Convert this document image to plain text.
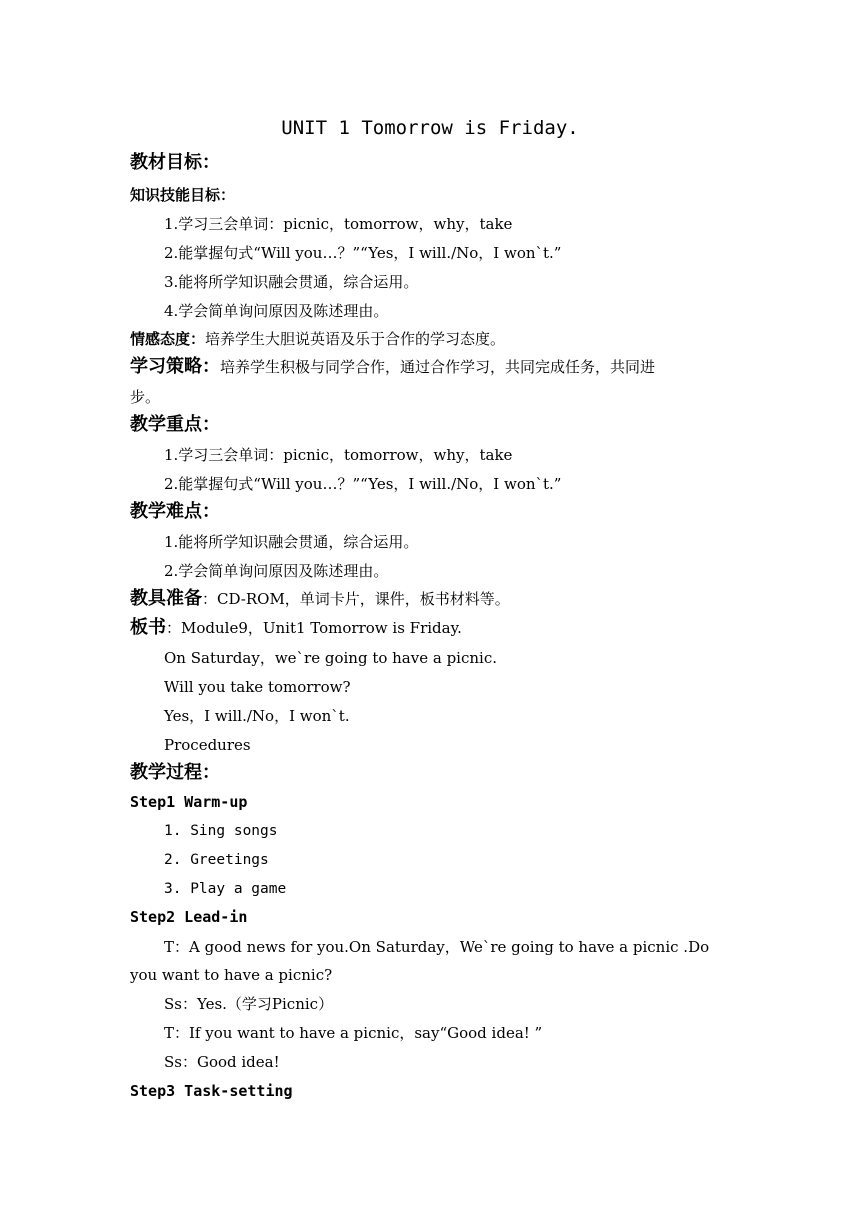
UNIT 1 Tomorrow is Friday.
教材目标：
知识技能目标：
1.学习三会单词：picnic，tomorrow，why，take
2.能掌握句式“Will you…？”“Yes，I will./No，I won`t.”
3.能将所学知识融会贯通，综合运用。
4.学会简单询问原因及陈述理由。
情感态度：培养学生大胆说英语及乐于合作的学习态度。
学习策略：培养学生积极与同学合作，通过合作学习，共同完成任务，共同进
步。
教学重点：
1.学习三会单词：picnic，tomorrow，why，take
2.能掌握句式“Will you…？”“Yes，I will./No，I won`t.”
教学难点：
1.能将所学知识融会贯通，综合运用。
2.学会简单询问原因及陈述理由。
教具准备：CD-ROM，单词卡片，课件，板书材料等。
板书：Module9，Unit1 Tomorrow is Friday.
On Saturday，we`re going to have a picnic.
Will you take tomorrow?
Yes，I will./No，I won`t.
Procedures
教学过程：
Step1 Warm-up
1. Sing songs
2. Greetings
3. Play a game
Step2 Lead-in
T：A good news for you.On Saturday，We`re going to have a picnic .Do
you want to have a picnic?
Ss：Yes.（学习Picnic）
T：If you want to have a picnic，say“Good idea! ”
Ss：Good idea!
Step3 Task-setting
